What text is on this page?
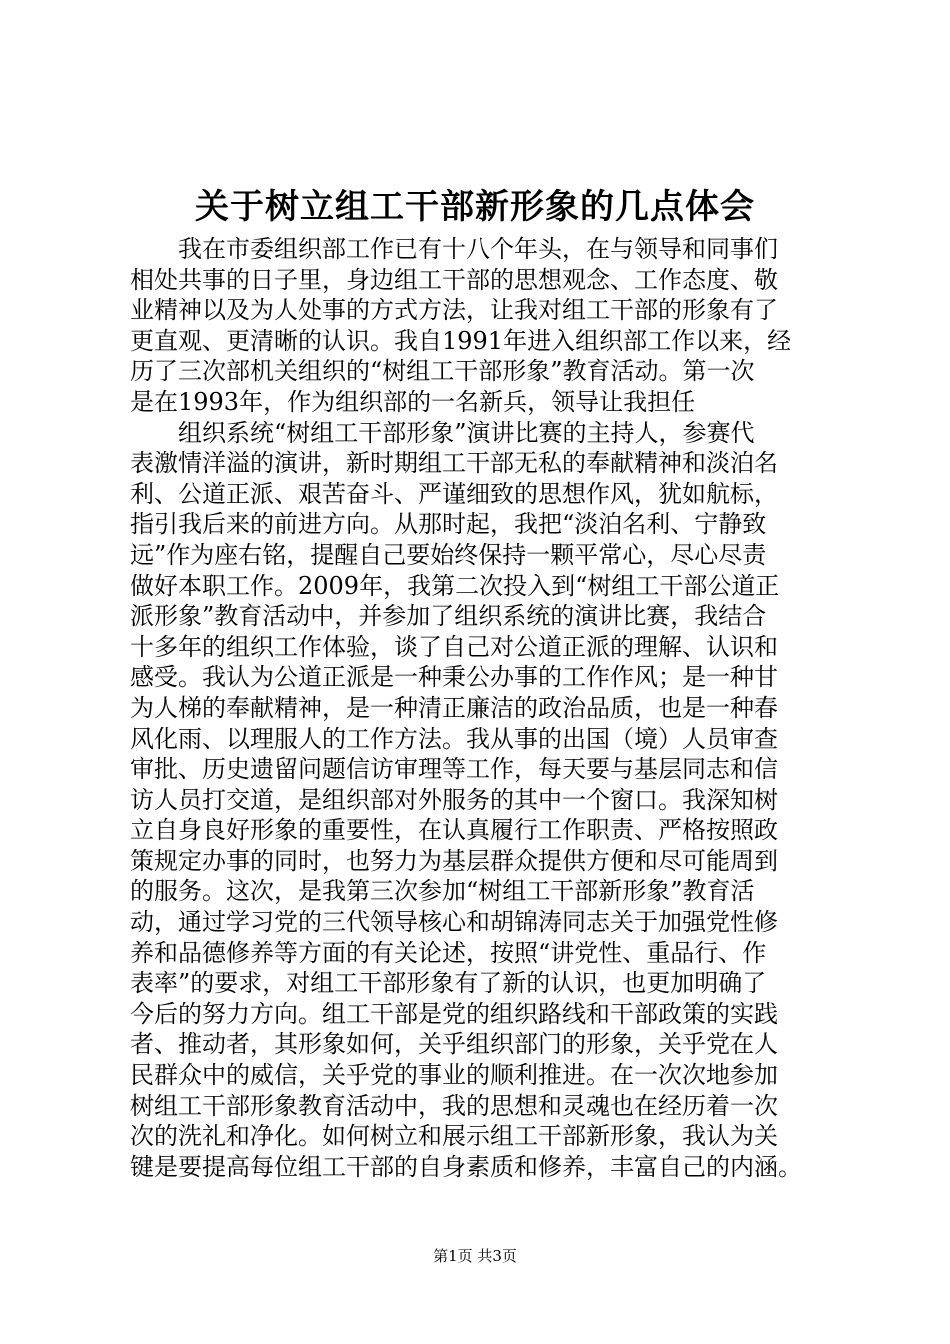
关于树立组工干部新形象的几点体会
我在市委组织部工作已有十八个年头，在与领导和同事们
相处共事的日子里，身边组工干部的思想观念、工作态度、敬
业精神以及为人处事的方式方法，让我对组工干部的形象有了
更直观、更清晰的认识。我自1991年进入组织部工作以来，经
历了三次部机关组织的“树组工干部形象”教育活动。第一次
是在1993年，作为组织部的一名新兵，领导让我担任
组织系统“树组工干部形象”演讲比赛的主持人，参赛代
表激情洋溢的演讲，新时期组工干部无私的奉献精神和淡泊名
利、公道正派、艰苦奋斗、严谨细致的思想作风，犹如航标，
指引我后来的前进方向。从那时起，我把“淡泊名利、宁静致
远”作为座右铭，提醒自己要始终保持一颗平常心，尽心尽责
做好本职工作。2009年，我第二次投入到“树组工干部公道正
派形象”教育活动中，并参加了组织系统的演讲比赛，我结合
十多年的组织工作体验，谈了自己对公道正派的理解、认识和
感受。我认为公道正派是一种秉公办事的工作作风；是一种甘
为人梯的奉献精神，是一种清正廉洁的政治品质，也是一种春
风化雨、以理服人的工作方法。我从事的出国（境）人员审查
审批、历史遗留问题信访审理等工作，每天要与基层同志和信
访人员打交道，是组织部对外服务的其中一个窗口。我深知树
立自身良好形象的重要性，在认真履行工作职责、严格按照政
策规定办事的同时，也努力为基层群众提供方便和尽可能周到
的服务。这次，是我第三次参加“树组工干部新形象”教育活
动，通过学习党的三代领导核心和胡锦涛同志关于加强党性修
养和品德修养等方面的有关论述，按照“讲党性、重品行、作
表率”的要求，对组工干部形象有了新的认识，也更加明确了
今后的努力方向。组工干部是党的组织路线和干部政策的实践
者、推动者，其形象如何，关乎组织部门的形象，关乎党在人
民群众中的威信，关乎党的事业的顺利推进。在一次次地参加
树组工干部形象教育活动中，我的思想和灵魂也在经历着一次
次的洗礼和净化。如何树立和展示组工干部新形象，我认为关
键是要提高每位组工干部的自身素质和修养，丰富自己的内涵。
第1页 共3页
